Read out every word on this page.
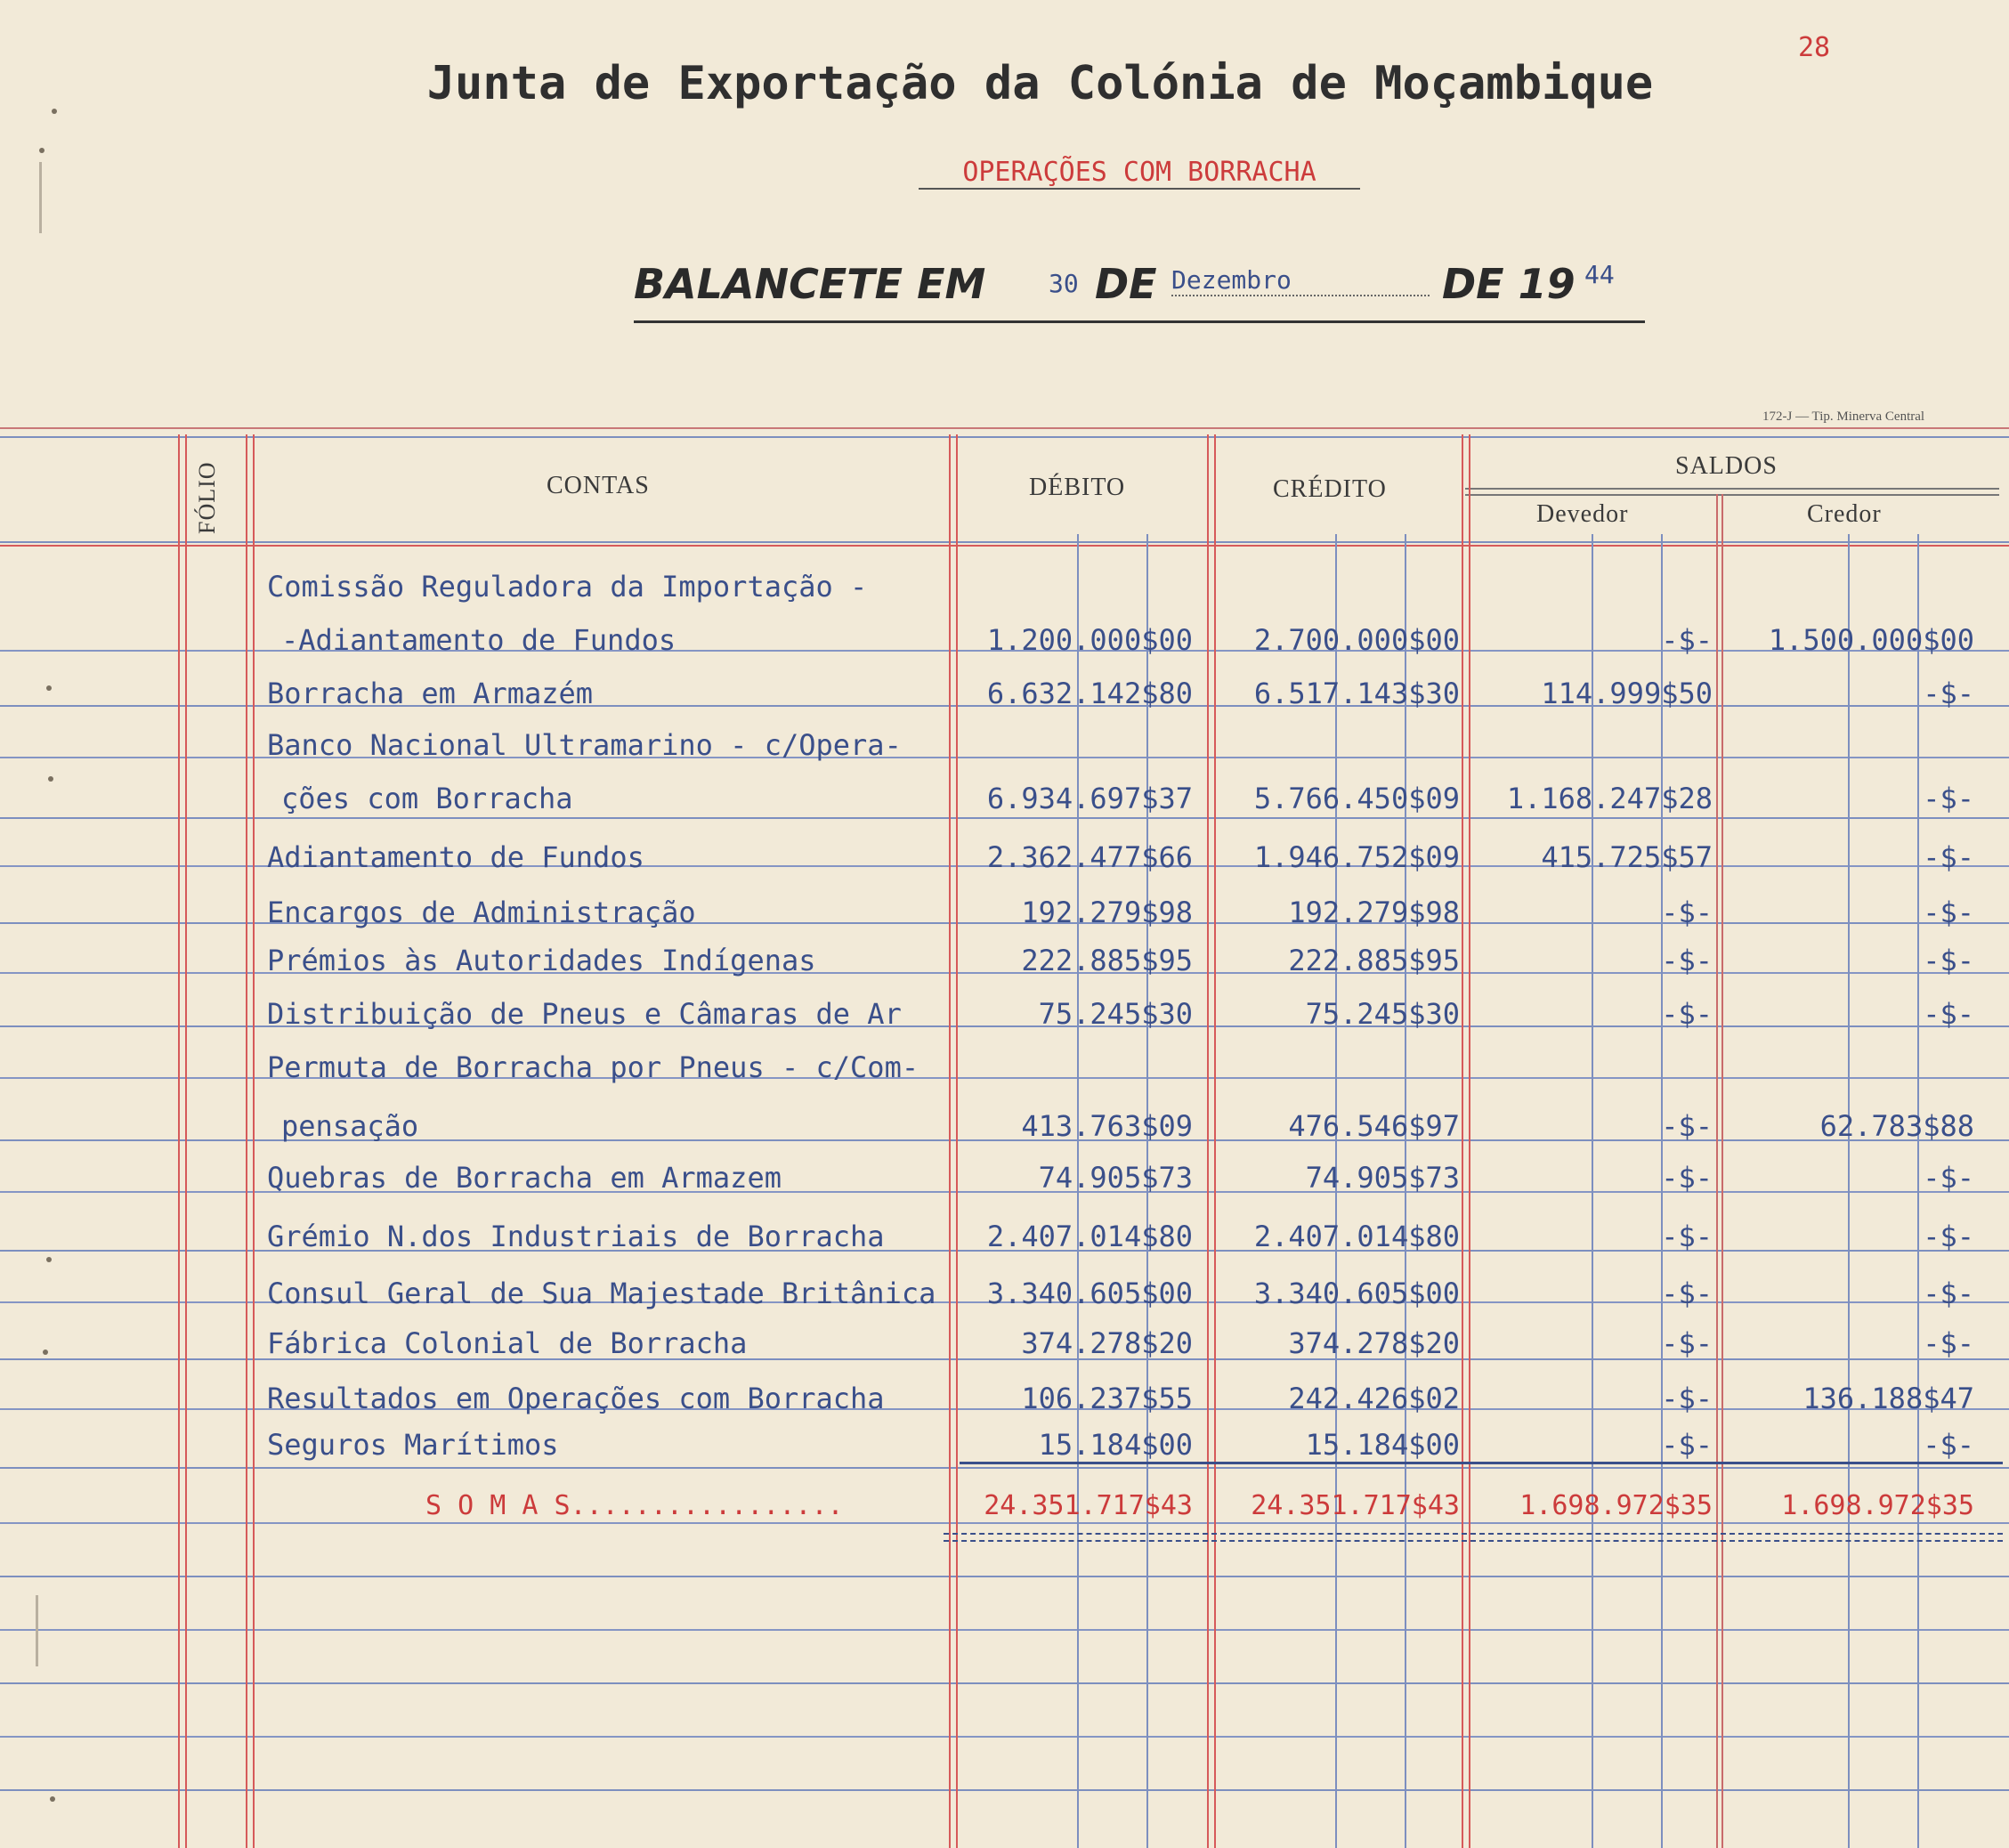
28
Junta de Exportação da Colónia de Moçambique
OPERAÇÕES COM BORRACHA
BALANCETE EM	30 DE Dezembro	DE 19 44
172-J — Tip. Minerva Central
FÓLIO	CONTAS	DÉBITO	CRÉDITO
SALDOS
Devedor	Credor
Comissão Reguladora da Importação -
-Adiantamento de Fundos	1.200.000$00	2.700.000$00	-$-	1.500.000$00
Borracha em Armazém	6.632.142$80	6.517.143$30	114.999$50	-$-
Banco Nacional Ultramarino - c/Opera-
ções com Borracha	6.934.697$37	5.766.450$09	1.168.247$28	-$-
Adiantamento de Fundos	2.362.477$66	1.946.752$09	415.725$57	-$-
Encargos de Administração	192.279$98	192.279$98	-$-	-$-
Prémios às Autoridades Indígenas	222.885$95	222.885$95	-$-	-$-
Distribuição de Pneus e Câmaras de Ar	75.245$30	75.245$30	-$-	-$-
Permuta de Borracha por Pneus - c/Com-
pensação	413.763$09	476.546$97	-$-	62.783$88
Quebras de Borracha em Armazem	74.905$73	74.905$73	-$-	-$-
Grémio N.dos Industriais de Borracha	2.407.014$80	2.407.014$80	-$-	-$-
Consul Geral de Sua Majestade Britânica	3.340.605$00	3.340.605$00	-$-	-$-
Fábrica Colonial de Borracha	374.278$20	374.278$20	-$-	-$-
Resultados em Operações com Borracha	106.237$55	242.426$02	-$-	136.188$47
Seguros Marítimos	15.184$00	15.184$00	-$-	-$-
S O M A S.................	24.351.717$43	24.351.717$43	1.698.972$35	1.698.972$35
